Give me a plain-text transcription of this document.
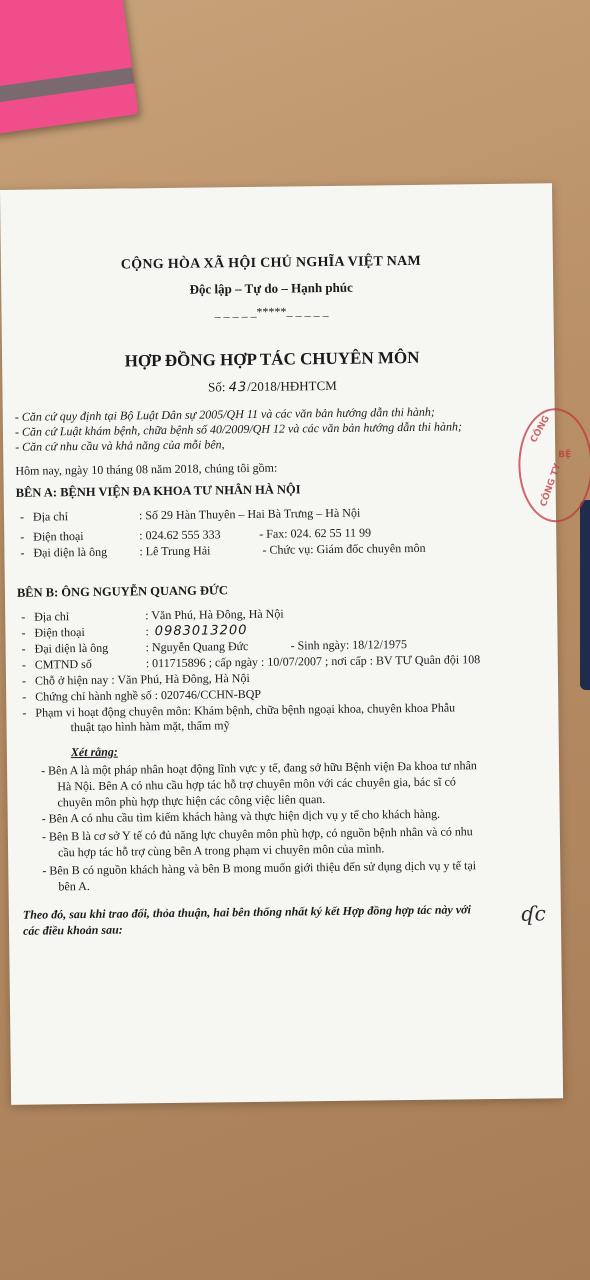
CỘNG HÒA XÃ HỘI CHỦ NGHĨA VIỆT NAM
Độc lập – Tự do – Hạnh phúc
_ _ _ _ _*****_ _ _ _ _
HỢP ĐỒNG HỢP TÁC CHUYÊN MÔN
Số: 43/2018/HĐHTCM
- Căn cứ quy định tại Bộ Luật Dân sự 2005/QH 11 và các văn bản hướng dẫn thi hành;
- Căn cứ Luật khám bệnh, chữa bệnh số 40/2009/QH 12 và các văn bản hướng dẫn thi hành;
- Căn cứ nhu cầu và khả năng của mỗi bên,
Hôm nay, ngày 10 tháng 08 năm 2018, chúng tôi gồm:
BÊN A: BỆNH VIỆN ĐA KHOA TƯ NHÂN HÀ NỘI
-   Địa chỉ	: Số 29 Hàn Thuyên – Hai Bà Trưng – Hà Nội
-   Điện thoại	: 024.62 555 333	- Fax: 024. 62 55 11 99
-   Đại diện là ông	: Lê Trung Hải	- Chức vụ: Giám đốc chuyên môn
BÊN B: ÔNG NGUYỄN QUANG ĐỨC
-   Địa chỉ	: Văn Phú, Hà Đông, Hà Nội
-   Điện thoại	: 0983013200
-   Đại diện là ông	: Nguyễn Quang Đức	- Sinh ngày: 18/12/1975
-   CMTND số	: 011715896 ; cấp ngày : 10/07/2007 ; nơi cấp : BV TƯ Quân đội 108
-   Chỗ ở hiện nay : Văn Phú, Hà Đông, Hà Nội
-   Chứng chỉ hành nghề số : 020746/CCHN-BQP
-   Phạm vi hoạt động chuyên môn: Khám bệnh, chữa bệnh ngoại khoa, chuyên khoa Phẫu
thuật tạo hình hàm mặt, thẩm mỹ
Xét rằng:
- Bên A là một pháp nhân hoạt động lĩnh vực y tế, đang sở hữu Bệnh viện Đa khoa tư nhân
Hà Nội. Bên A có nhu cầu hợp tác hỗ trợ chuyên môn với các chuyên gia, bác sĩ có
chuyên môn phù hợp thực hiện các công việc liên quan.
- Bên A có nhu cầu tìm kiếm khách hàng và thực hiện dịch vụ y tế cho khách hàng.
- Bên B là cơ sở Y tế có đủ năng lực chuyên môn phù hợp, có nguồn bệnh nhân và có nhu
cầu hợp tác hỗ trợ cùng bên A trong phạm vi chuyên môn của mình.
- Bên B có nguồn khách hàng và bên B mong muốn giới thiệu đến sử dụng dịch vụ y tế tại
bên A.
Theo đó, sau khi trao đổi, thỏa thuận, hai bên thống nhất ký kết Hợp đồng hợp tác này với
các điều khoản sau:
ʠc
CÔNG
BỆ
CÔNG TY
